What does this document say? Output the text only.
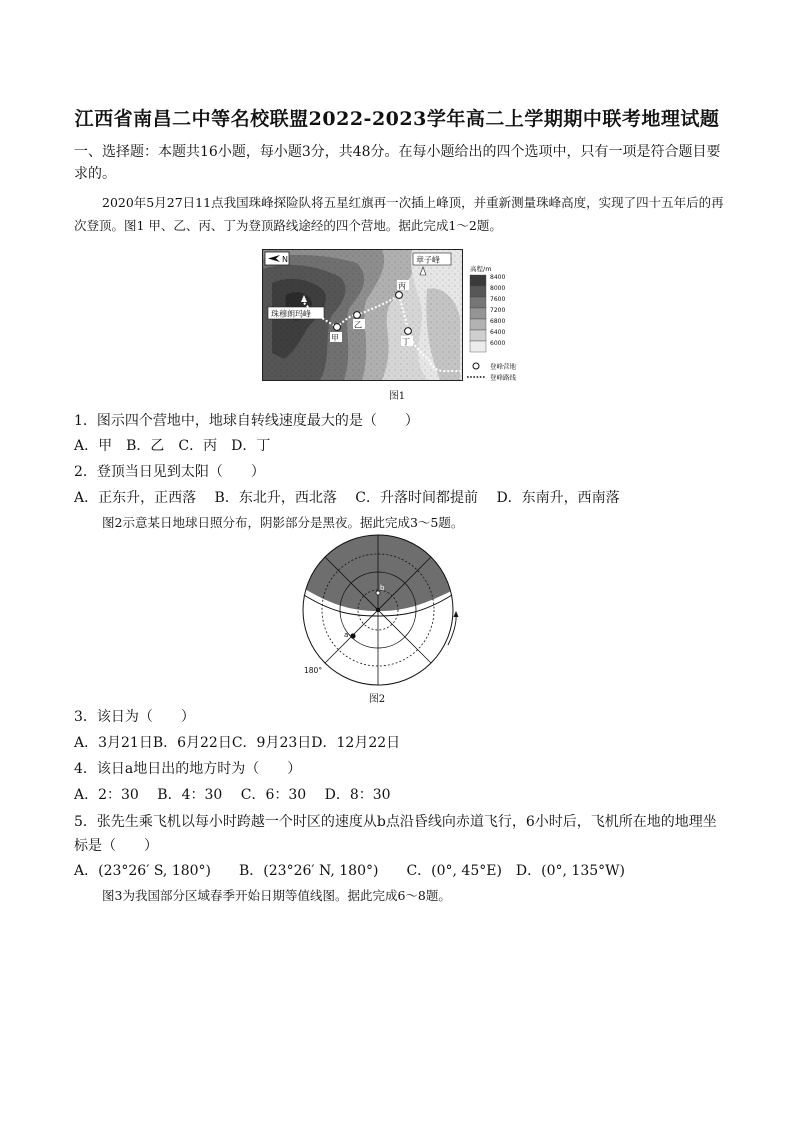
江西省南昌二中等名校联盟2022-2023学年高二上学期期中联考地理试题
一、选择题：本题共16小题，每小题3分，共48分。在每小题给出的四个选项中，只有一项是符合题目要求的。
2020年5月27日11点我国珠峰探险队将五星红旗再一次插上峰顶，并重新测量珠峰高度，实现了四十五年后的再次登顶。图1 甲、乙、丙、丁为登顶路线途经的四个营地。据此完成1～2题。
N
珠穆朗玛峰
章子峰
甲
乙
丙
丁
高程/m
8400
8000
7600
7200
6800
6400
6000
登峰营地
登峰路线
图1
1．图示四个营地中，地球自转线速度最大的是（　　）
A．甲　B．乙　C．丙　D．丁
2．登顶当日见到太阳（　　）
A．正东升，正西落　 B．东北升，西北落　 C．升落时间都提前　 D．东南升，西南落
图2示意某日地球日照分布，阴影部分是黑夜。据此完成3～5题。
a
b
180°
图2
3．该日为（　　）
A．3月21日B．6月22日C．9月23日D．12月22日
4．该日a地日出的地方时为（　　）
A．2：30　 B．4：30　 C．6：30　 D．8：30
5．张先生乘飞机以每小时跨越一个时区的速度从b点沿昏线向赤道飞行，6小时后，飞机所在地的地理坐标是（　　）
A．(23°26′ S, 180°)　　B．(23°26′ N, 180°)　　C．(0°, 45°E)　D．(0°, 135°W)
图3为我国部分区域春季开始日期等值线图。据此完成6～8题。
